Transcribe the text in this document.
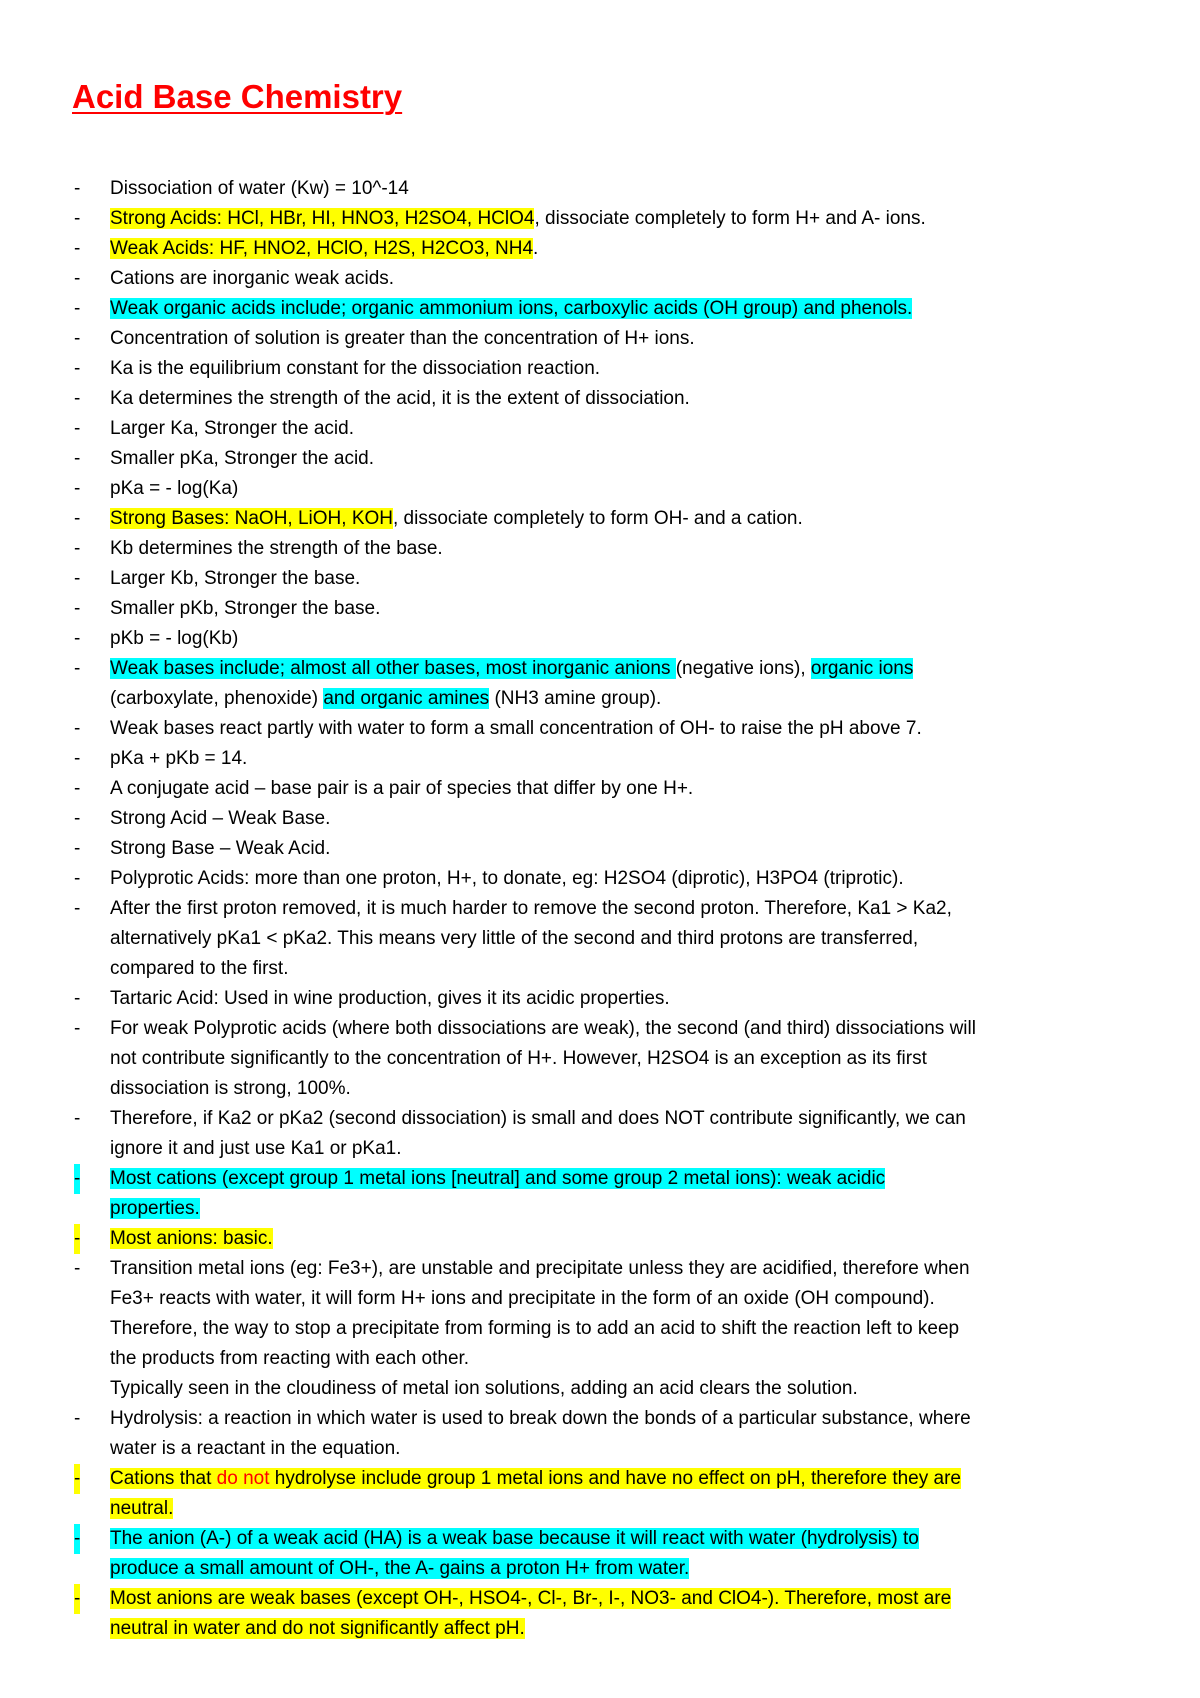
Acid Base Chemistry
- Dissociation of water (Kw) = 10^-14
- Strong Acids: HCl, HBr, HI, HNO3, H2SO4, HClO4, dissociate completely to form H+ and A- ions.
- Weak Acids: HF, HNO2, HClO, H2S, H2CO3, NH4.
- Cations are inorganic weak acids.
- Weak organic acids include; organic ammonium ions, carboxylic acids (OH group) and phenols.
- Concentration of solution is greater than the concentration of H+ ions.
- Ka is the equilibrium constant for the dissociation reaction.
- Ka determines the strength of the acid, it is the extent of dissociation.
- Larger Ka, Stronger the acid.
- Smaller pKa, Stronger the acid.
- pKa = - log(Ka)
- Strong Bases: NaOH, LiOH, KOH, dissociate completely to form OH- and a cation.
- Kb determines the strength of the base.
- Larger Kb, Stronger the base.
- Smaller pKb, Stronger the base.
- pKb = - log(Kb)
- Weak bases include; almost all other bases, most inorganic anions (negative ions), organic ions
(carboxylate, phenoxide) and organic amines (NH3 amine group).
- Weak bases react partly with water to form a small concentration of OH- to raise the pH above 7.
- pKa + pKb = 14.
- A conjugate acid – base pair is a pair of species that differ by one H+.
- Strong Acid – Weak Base.
- Strong Base – Weak Acid.
- Polyprotic Acids: more than one proton, H+, to donate, eg: H2SO4 (diprotic), H3PO4 (triprotic).
- After the first proton removed, it is much harder to remove the second proton. Therefore, Ka1 > Ka2,
alternatively pKa1 < pKa2. This means very little of the second and third protons are transferred,
compared to the first.
- Tartaric Acid: Used in wine production, gives it its acidic properties.
- For weak Polyprotic acids (where both dissociations are weak), the second (and third) dissociations will
not contribute significantly to the concentration of H+. However, H2SO4 is an exception as its first
dissociation is strong, 100%.
- Therefore, if Ka2 or pKa2 (second dissociation) is small and does NOT contribute significantly, we can
ignore it and just use Ka1 or pKa1.
- Most cations (except group 1 metal ions [neutral] and some group 2 metal ions): weak acidic
properties.
- Most anions: basic.
- Transition metal ions (eg: Fe3+), are unstable and precipitate unless they are acidified, therefore when
Fe3+ reacts with water, it will form H+ ions and precipitate in the form of an oxide (OH compound).
Therefore, the way to stop a precipitate from forming is to add an acid to shift the reaction left to keep
the products from reacting with each other.
Typically seen in the cloudiness of metal ion solutions, adding an acid clears the solution.
- Hydrolysis: a reaction in which water is used to break down the bonds of a particular substance, where
water is a reactant in the equation.
- Cations that do not hydrolyse include group 1 metal ions and have no effect on pH, therefore they are
neutral.
- The anion (A-) of a weak acid (HA) is a weak base because it will react with water (hydrolysis) to
produce a small amount of OH-, the A- gains a proton H+ from water.
- Most anions are weak bases (except OH-, HSO4-, Cl-, Br-, I-, NO3- and ClO4-). Therefore, most are
neutral in water and do not significantly affect pH.
